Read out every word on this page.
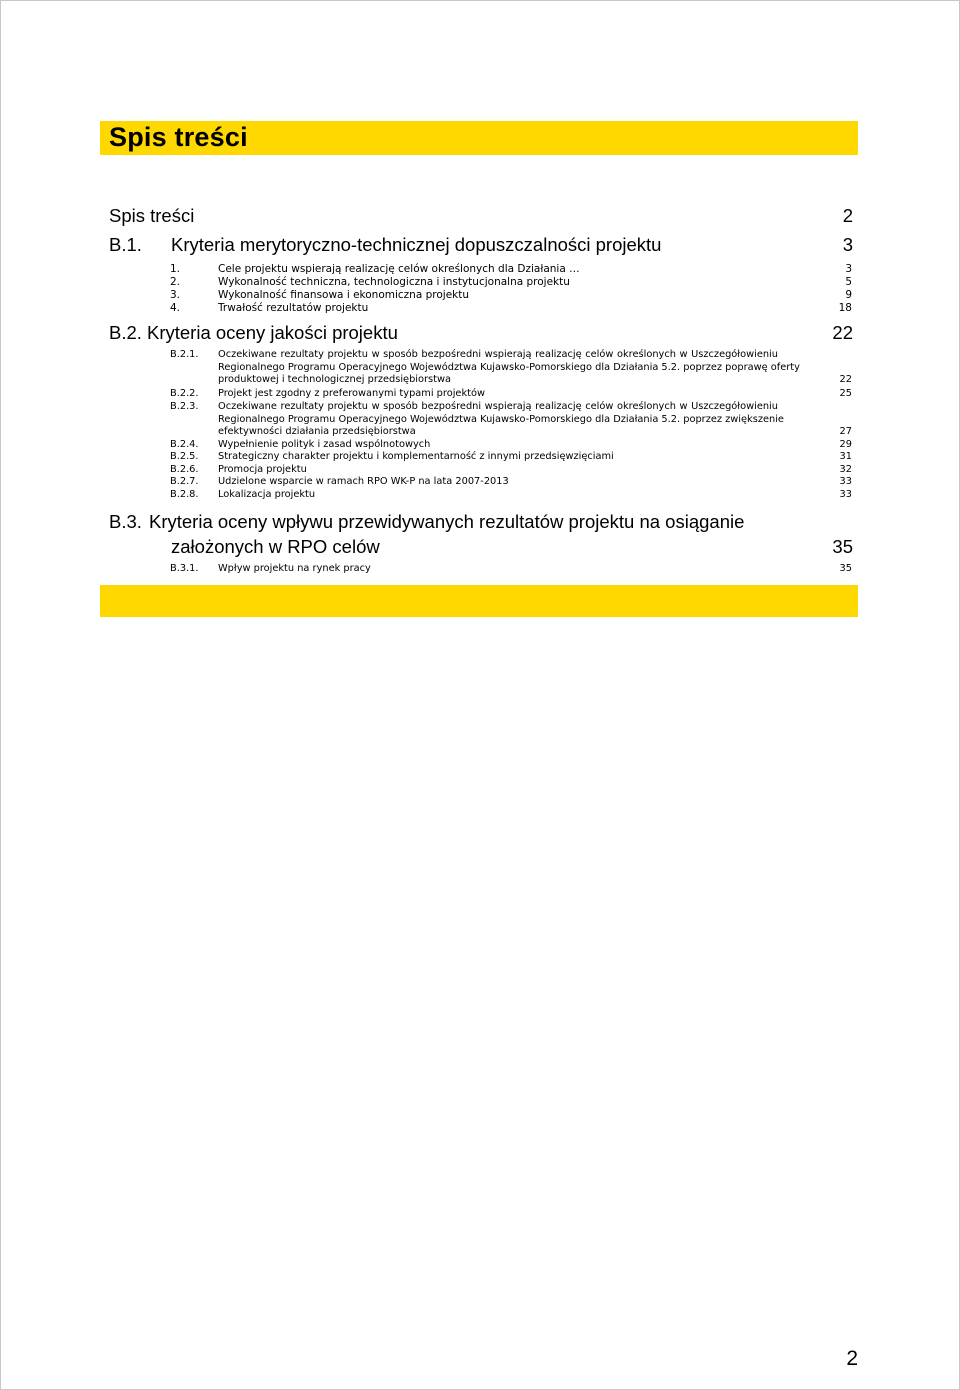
Spis treści
Spis treści	2
B.1. Kryteria merytoryczno-technicznej dopuszczalności projektu	3
1.	Cele projektu wspierają realizację celów określonych dla Działania …	3
2.	Wykonalność techniczna, technologiczna i instytucjonalna projektu	5
3.	Wykonalność finansowa i ekonomiczna projektu	9
4.	Trwałość rezultatów projektu	18
B.2. Kryteria oceny jakości projektu	22
B.2.1. Oczekiwane rezultaty projektu w sposób bezpośredni wspierają realizację celów określonych w Uszczegółowieniu
Regionalnego Programu Operacyjnego Województwa Kujawsko-Pomorskiego dla Działania 5.2. poprzez poprawę oferty
produktowej i technologicznej przedsiębiorstwa	22
B.2.2. Projekt jest zgodny z preferowanymi typami projektów	25
B.2.3. Oczekiwane rezultaty projektu w sposób bezpośredni wspierają realizację celów określonych w Uszczegółowieniu
Regionalnego Programu Operacyjnego Województwa Kujawsko-Pomorskiego dla Działania 5.2. poprzez zwiększenie
efektywności działania przedsiębiorstwa	27
B.2.4. Wypełnienie polityk i zasad wspólnotowych	29
B.2.5. Strategiczny charakter projektu i komplementarność z innymi przedsięwzięciami	31
B.2.6. Promocja projektu	32
B.2.7. Udzielone wsparcie w ramach RPO WK-P na lata 2007-2013	33
B.2.8. Lokalizacja projektu	33
B.3. Kryteria oceny wpływu przewidywanych rezultatów projektu na osiąganie
założonych w RPO celów	35
B.3.1. Wpływ projektu na rynek pracy	35
2
